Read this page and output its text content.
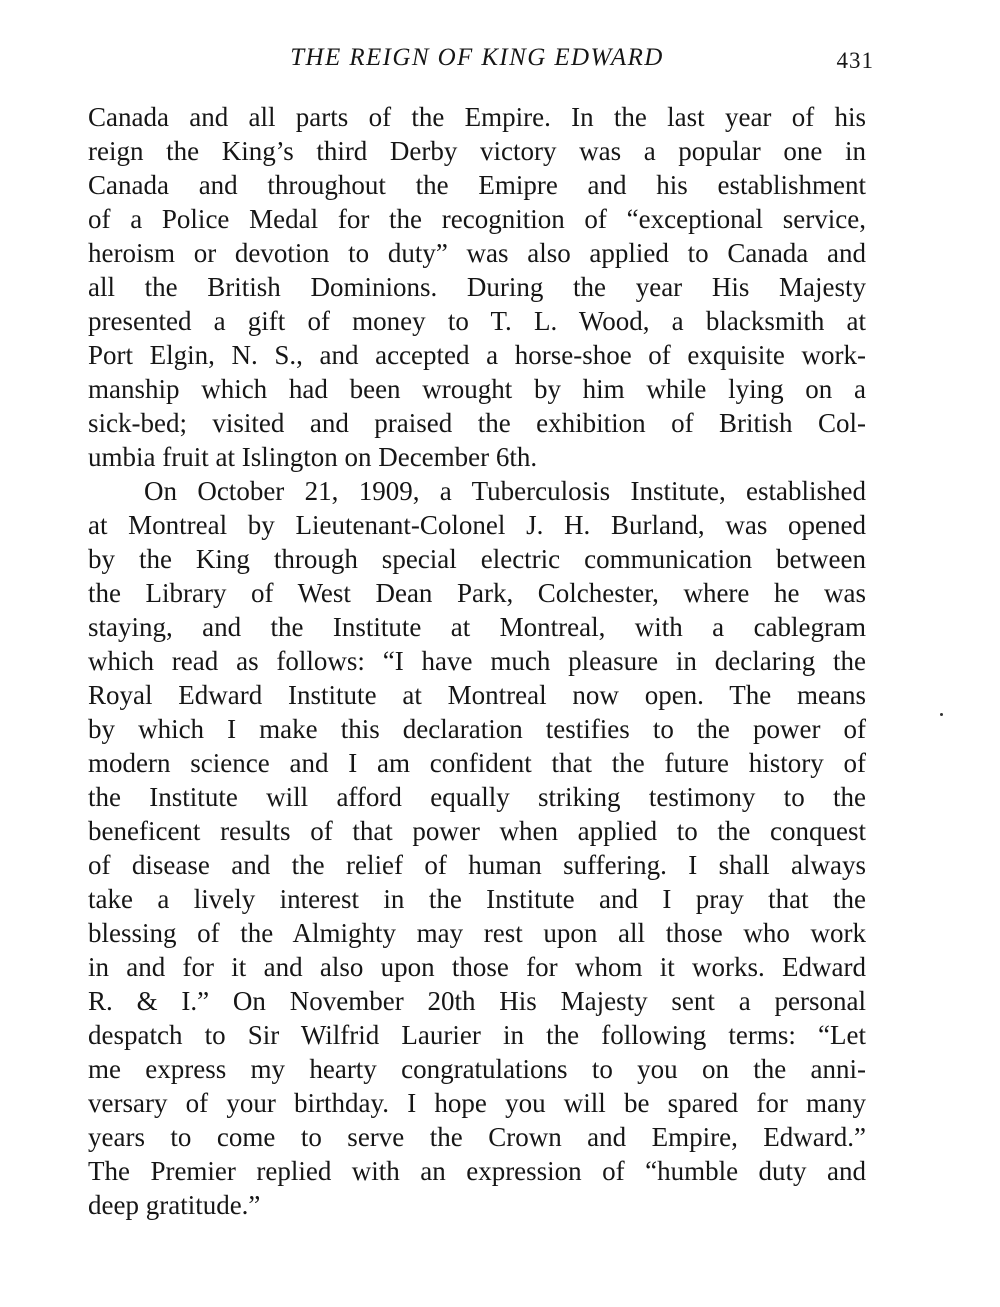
THE REIGN OF KING EDWARD	431
Canada and all parts of the Empire. In the last year of his
reign the King’s third Derby victory was a popular one in
Canada and throughout the Emipre and his establishment
of a Police Medal for the recognition of “exceptional service,
heroism or devotion to duty” was also applied to Canada and
all the British Dominions. During the year His Majesty
presented a gift of money to T. L. Wood, a blacksmith at
Port Elgin, N. S., and accepted a horse-shoe of exquisite work-
manship which had been wrought by him while lying on a
sick-bed; visited and praised the exhibition of British Col-
umbia fruit at Islington on December 6th.
On October 21, 1909, a Tuberculosis Institute, established
at Montreal by Lieutenant-Colonel J. H. Burland, was opened
by the King through special electric communication between
the Library of West Dean Park, Colchester, where he was
staying, and the Institute at Montreal, with a cablegram
which read as follows: “I have much pleasure in declaring the
Royal Edward Institute at Montreal now open. The means
by which I make this declaration testifies to the power of
modern science and I am confident that the future history of
the Institute will afford equally striking testimony to the
beneficent results of that power when applied to the conquest
of disease and the relief of human suffering. I shall always
take a lively interest in the Institute and I pray that the
blessing of the Almighty may rest upon all those who work
in and for it and also upon those for whom it works. Edward
R. & I.” On November 20th His Majesty sent a personal
despatch to Sir Wilfrid Laurier in the following terms: “Let
me express my hearty congratulations to you on the anni-
versary of your birthday. I hope you will be spared for many
years to come to serve the Crown and Empire, Edward.”
The Premier replied with an expression of “humble duty and
deep gratitude.”
